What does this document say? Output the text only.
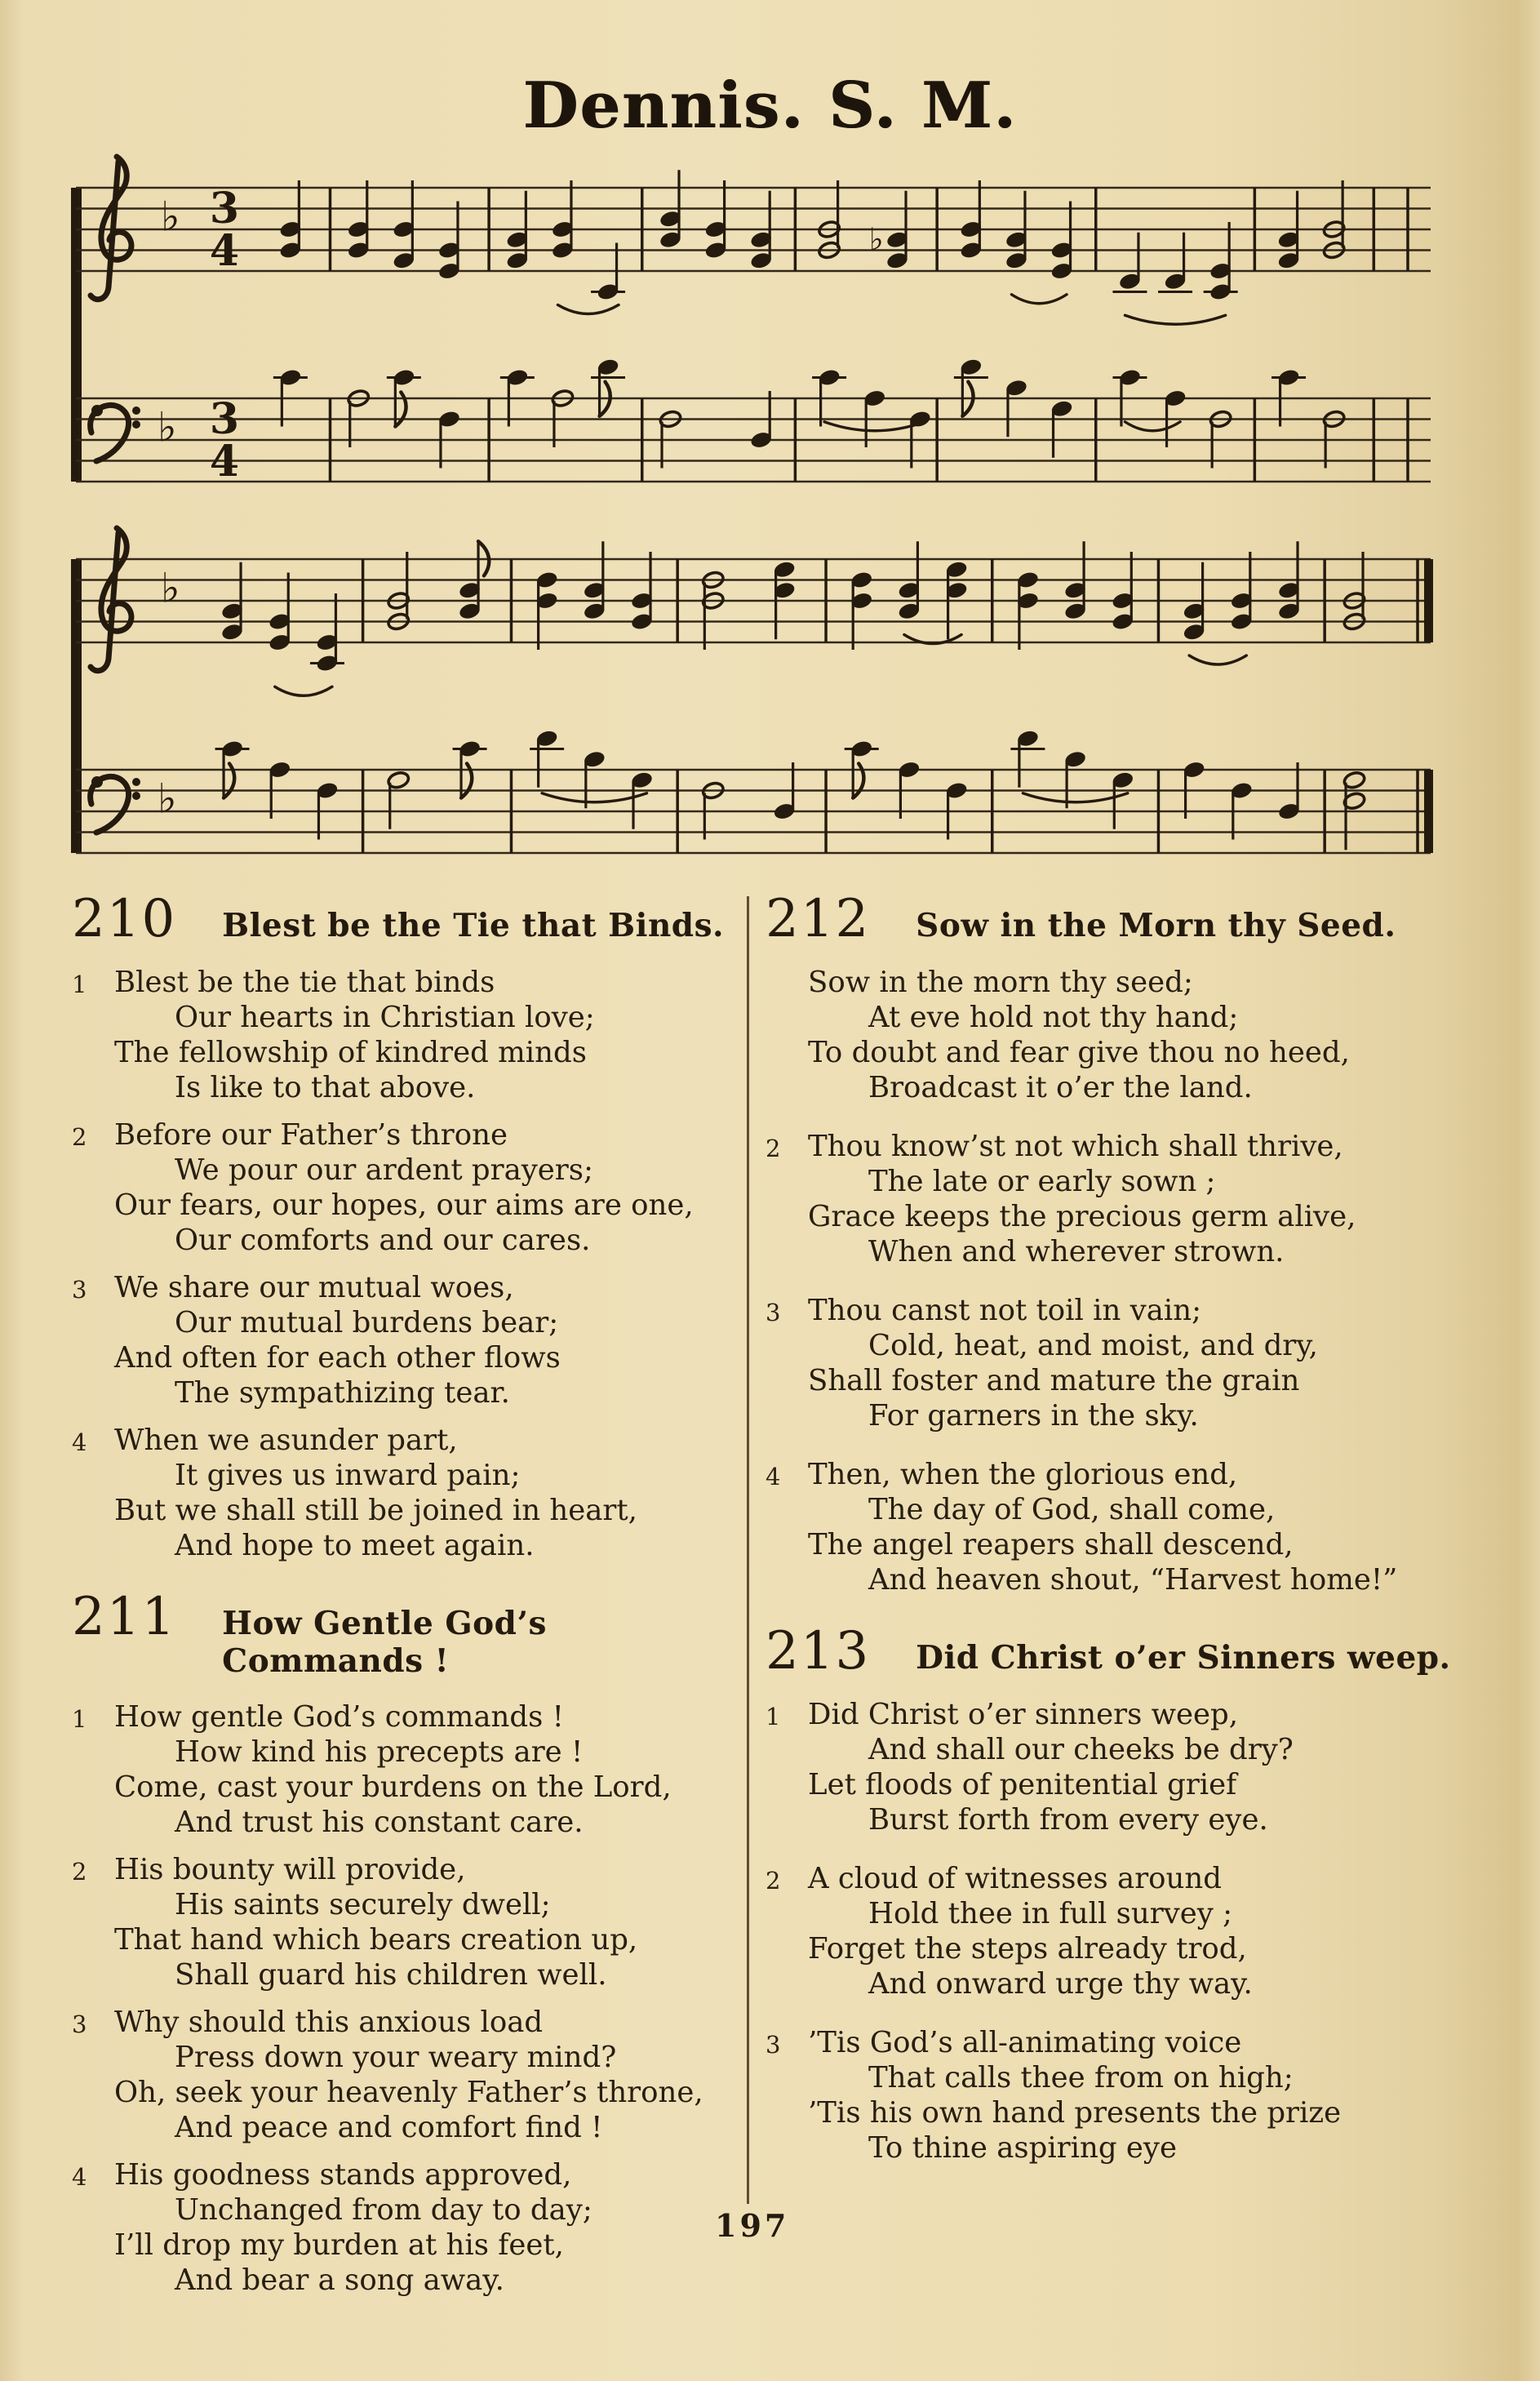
Dennis. S. M.
♭ 3
4	♭
♭ 3
4
♭
♭
210 Blest be the Tie that Binds.
1 Blest be the tie that binds
Our hearts in Christian love;
The fellowship of kindred minds
Is like to that above.
2 Before our Father’s throne
We pour our ardent prayers;
Our fears, our hopes, our aims are one,
Our comforts and our cares.
3 We share our mutual woes,
Our mutual burdens bear;
And often for each other flows
The sympathizing tear.
4 When we asunder part,
It gives us inward pain;
But we shall still be joined in heart,
And hope to meet again.
211 How Gentle God’s Commands !
1 How gentle God’s commands !
How kind his precepts are !
Come, cast your burdens on the Lord,
And trust his constant care.
2 His bounty will provide,
His saints securely dwell;
That hand which bears creation up,
Shall guard his children well.
3 Why should this anxious load
Press down your weary mind?
Oh, seek your heavenly Father’s throne,
And peace and comfort find !
4 His goodness stands approved,
Unchanged from day to day;
I’ll drop my burden at his feet,
And bear a song away.
212 Sow in the Morn thy Seed.
Sow in the morn thy seed;
At eve hold not thy hand;
To doubt and fear give thou no heed,
Broadcast it o’er the land.
2 Thou know’st not which shall thrive,
The late or early sown ;
Grace keeps the precious germ alive,
When and wherever strown.
3 Thou canst not toil in vain;
Cold, heat, and moist, and dry,
Shall foster and mature the grain
For garners in the sky.
4 Then, when the glorious end,
The day of God, shall come,
The angel reapers shall descend,
And heaven shout, “Harvest home!”
213 Did Christ o’er Sinners weep.
1 Did Christ o’er sinners weep,
And shall our cheeks be dry?
Let floods of penitential grief
Burst forth from every eye.
2 A cloud of witnesses around
Hold thee in full survey ;
Forget the steps already trod,
And onward urge thy way.
3 ’Tis God’s all-animating voice
That calls thee from on high;
’Tis his own hand presents the prize
To thine aspiring eye
197
